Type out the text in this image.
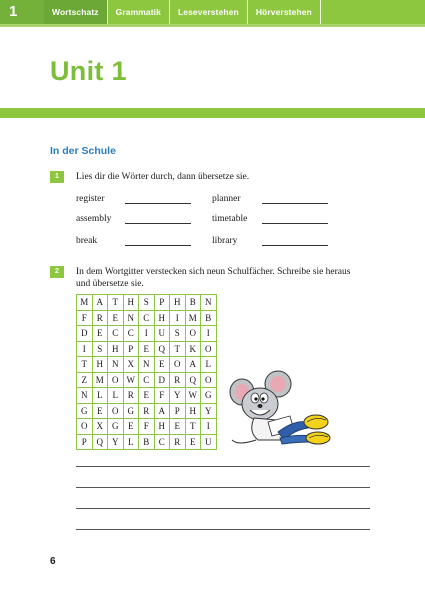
1	Wortschatz	Grammatik	Leseverstehen	Hörverstehen
Unit 1
In der Schule
1	Lies dir die Wörter durch, dann übersetze sie.
register	planner
assembly	timetable
break	library
2	In dem Wortgitter verstecken sich neun Schulfächer. Schreibe sie heraus
und übersetze sie.
M	A	T	H	S	P	H	B	N
F	R	E	N	C	H	I	M	B
D	E	C	C	I	U	S	O	I
I	S	H	P	E	Q	T	K	O
T	H	N	X	N	E	O	A	L
Z	M	O	W	C	D	R	Q	O
N	L	L	R	E	F	Y	W	G
G	E	O	G	R	A	P	H	Y
O	X	G	E	F	H	E	T	I
P	Q	Y	L	B	C	R	E	U
6
